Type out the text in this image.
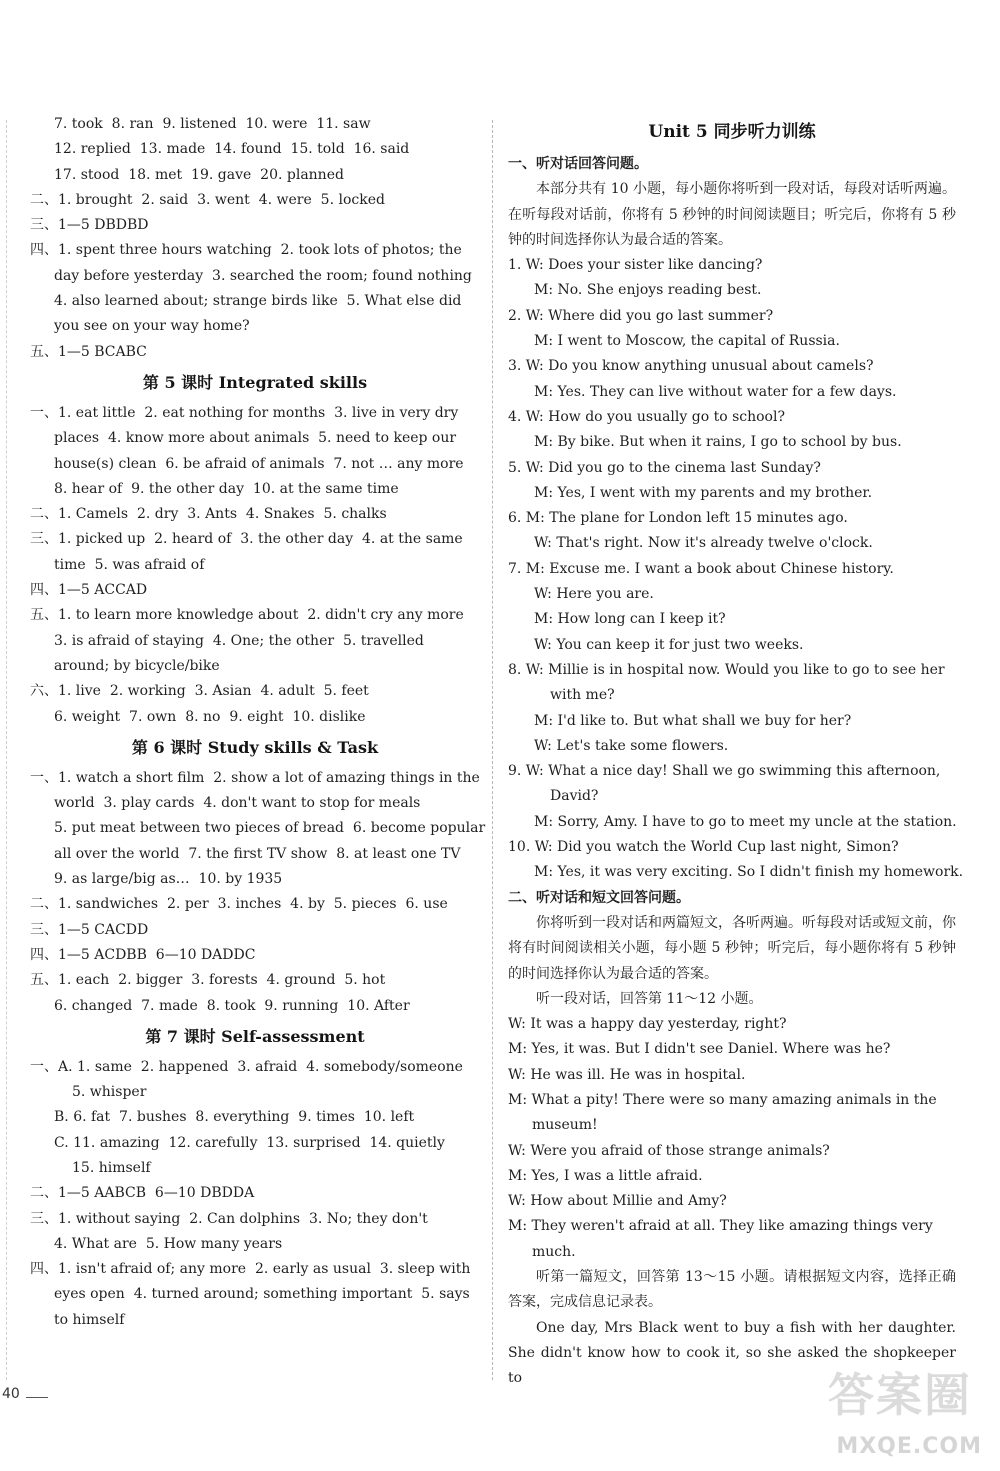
7. took  8. ran  9. listened  10. were  11. saw
12. replied  13. made  14. found  15. told  16. said
17. stood  18. met  19. gave  20. planned
二、1. brought  2. said  3. went  4. were  5. locked
三、1—5 DBDBD
四、1. spent three hours watching  2. took lots of photos; the
day before yesterday  3. searched the room; found nothing
4. also learned about; strange birds like  5. What else did
you see on your way home?
五、1—5 BCABC
第 5 课时 Integrated skills
一、1. eat little  2. eat nothing for months  3. live in very dry
places  4. know more about animals  5. need to keep our
house(s) clean  6. be afraid of animals  7. not … any more
8. hear of  9. the other day  10. at the same time
二、1. Camels  2. dry  3. Ants  4. Snakes  5. chalks
三、1. picked up  2. heard of  3. the other day  4. at the same
time  5. was afraid of
四、1—5 ACCAD
五、1. to learn more knowledge about  2. didn't cry any more
3. is afraid of staying  4. One; the other  5. travelled
around; by bicycle/bike
六、1. live  2. working  3. Asian  4. adult  5. feet
6. weight  7. own  8. no  9. eight  10. dislike
第 6 课时 Study skills & Task
一、1. watch a short film  2. show a lot of amazing things in the
world  3. play cards  4. don't want to stop for meals
5. put meat between two pieces of bread  6. become popular
all over the world  7. the first TV show  8. at least one TV
9. as large/big as…  10. by 1935
二、1. sandwiches  2. per  3. inches  4. by  5. pieces  6. use
三、1—5 CACDD
四、1—5 ACDBB  6—10 DADDC
五、1. each  2. bigger  3. forests  4. ground  5. hot
6. changed  7. made  8. took  9. running  10. After
第 7 课时 Self-assessment
一、A. 1. same  2. happened  3. afraid  4. somebody/someone
5. whisper
B. 6. fat  7. bushes  8. everything  9. times  10. left
C. 11. amazing  12. carefully  13. surprised  14. quietly
15. himself
二、1—5 AABCB  6—10 DBDDA
三、1. without saying  2. Can dolphins  3. No; they don't
4. What are  5. How many years
四、1. isn't afraid of; any more  2. early as usual  3. sleep with
eyes open  4. turned around; something important  5. says
to himself
Unit 5 同步听力训练
一、听对话回答问题。
本部分共有 10 小题，每小题你将听到一段对话，每段对话听两遍。在听每段对话前，你将有 5 秒钟的时间阅读题目；听完后，你将有 5 秒钟的时间选择你认为最合适的答案。
1. W: Does your sister like dancing?
M: No. She enjoys reading best.
2. W: Where did you go last summer?
M: I went to Moscow, the capital of Russia.
3. W: Do you know anything unusual about camels?
M: Yes. They can live without water for a few days.
4. W: How do you usually go to school?
M: By bike. But when it rains, I go to school by bus.
5. W: Did you go to the cinema last Sunday?
M: Yes, I went with my parents and my brother.
6. M: The plane for London left 15 minutes ago.
W: That's right. Now it's already twelve o'clock.
7. M: Excuse me. I want a book about Chinese history.
W: Here you are.
M: How long can I keep it?
W: You can keep it for just two weeks.
8. W: Millie is in hospital now. Would you like to go to see her
with me?
M: I'd like to. But what shall we buy for her?
W: Let's take some flowers.
9. W: What a nice day! Shall we go swimming this afternoon,
David?
M: Sorry, Amy. I have to go to meet my uncle at the station.
10. W: Did you watch the World Cup last night, Simon?
M: Yes, it was very exciting. So I didn't finish my homework.
二、听对话和短文回答问题。
你将听到一段对话和两篇短文，各听两遍。听每段对话或短文前，你将有时间阅读相关小题，每小题 5 秒钟；听完后，每小题你将有 5 秒钟的时间选择你认为最合适的答案。
听一段对话，回答第 11～12 小题。
W: It was a happy day yesterday, right?
M: Yes, it was. But I didn't see Daniel. Where was he?
W: He was ill. He was in hospital.
M: What a pity! There were so many amazing animals in the
museum!
W: Were you afraid of those strange animals?
M: Yes, I was a little afraid.
W: How about Millie and Amy?
M: They weren't afraid at all. They like amazing things very
much.
听第一篇短文，回答第 13～15 小题。请根据短文内容，选择正确答案，完成信息记录表。
One day, Mrs Black went to buy a fish with her daughter. She didn't know how to cook it, so she asked the shopkeeper to
40	答案圈
MXQE.COM
